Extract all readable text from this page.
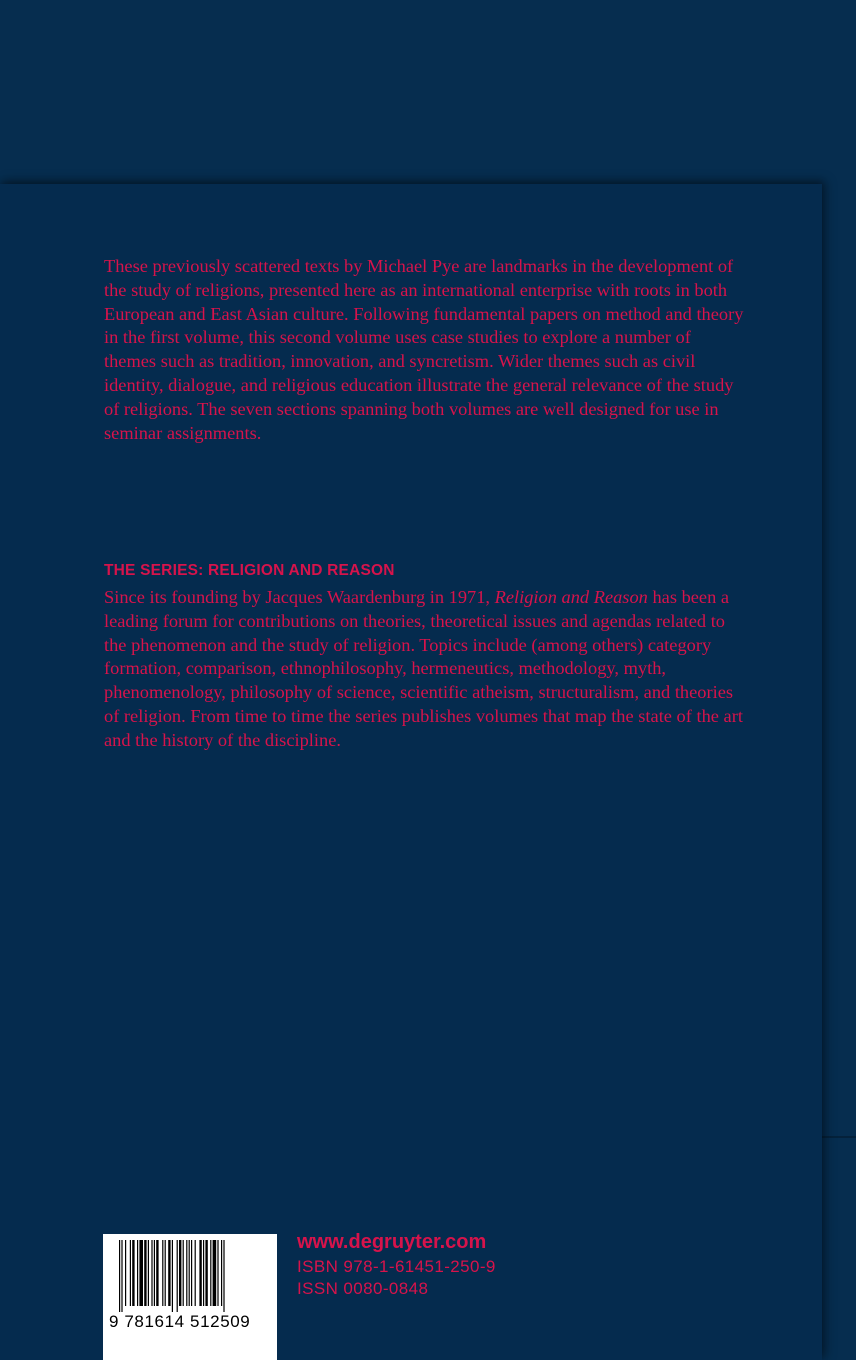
These previously scattered texts by Michael Pye are landmarks in the development of the study of religions, presented here as an international enterprise with roots in both European and East Asian culture. Following fundamental papers on method and theory in the first volume, this second volume uses case studies to explore a number of themes such as tradition, innovation, and syncretism. Wider themes such as civil identity, dialogue, and religious education illustrate the general relevance of the study of religions. The seven sections spanning both volumes are well designed for use in seminar assignments.

THE SERIES: RELIGION AND REASON

Since its founding by Jacques Waardenburg in 1971, Religion and Reason has been a leading forum for contributions on theories, theoretical issues and agendas related to the phenomenon and the study of religion. Topics include (among others) category formation, comparison, ethnophilosophy, hermeneutics, methodology, myth, phenomenology, philosophy of science, scientific atheism, structuralism, and theories of religion. From time to time the series publishes volumes that map the state of the art and the history of the discipline.

9 781614 512509

www.degruyter.com

ISBN 978-1-61451-250-9

ISSN 0080-0848
